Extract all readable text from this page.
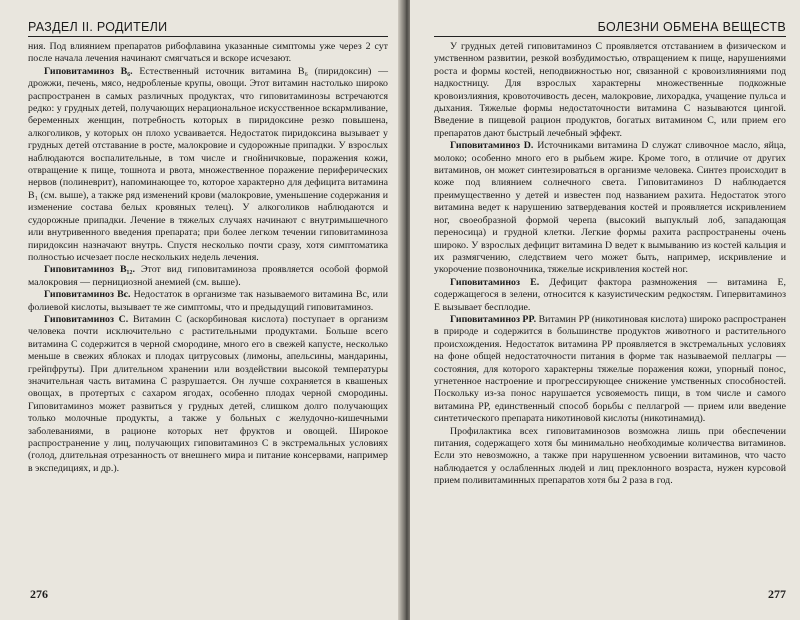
РАЗДЕЛ II. РОДИТЕЛИ

ния. Под влиянием препаратов рибофлавина указанные симптомы уже через 2 сут после начала лечения начинают смягчаться и вскоре исчезают.

Гиповитаминоз B₆. Естественный источник витамина B₆ (пиридоксин) — дрожжи, печень, мясо, недробленые крупы, овощи. Этот витамин настолько широко распространен в самых различных продуктах, что гиповитаминозы встречаются редко: у грудных детей, получающих нерациональное искусственное вскармливание, беременных женщин, потребность которых в пиридоксине резко повышена, алкоголиков, у которых он плохо усваивается. Недостаток пиридоксина вызывает у грудных детей отставание в росте, малокровие и судорожные припадки. У взрослых наблюдаются воспалительные, в том числе и гнойничковые, поражения кожи, отвращение к пище, тошнота и рвота, множественное поражение периферических нервов (полиневрит), напоминающее то, которое характерно для дефицита витамина B₁ (см. выше), а также ряд изменений крови (малокровие, уменьшение содержания и изменение состава белых кровяных телец). У алкоголиков наблюдаются и судорожные припадки. Лечение в тяжелых случаях начинают с внутримышечного или внутривенного введения препарата; при более легком течении гиповитаминоза пиридоксин назначают внутрь. Спустя несколько почти сразу, хотя симптоматика полностью исчезает после нескольких недель лечения.

Гиповитаминоз B₁₂. Этот вид гиповитаминоза проявляется особой формой малокровия — пернициозной анемией (см. выше).

Гиповитаминоз Bс. Недостаток в организме так называемого витамина Bс, или фолиевой кислоты, вызывает те же симптомы, что и предыдущий гиповитаминоз.

Гиповитаминоз С. Витамин С (аскорбиновая кислота) поступает в организм человека почти исключительно с растительными продуктами. Больше всего витамина С содержится в черной смородине, много его в свежей капусте, несколько меньше в свежих яблоках и плодах цитрусовых (лимоны, апельсины, мандарины, грейпфруты). При длительном хранении или воздействии высокой температуры значительная часть витамина С разрушается. Он лучше сохраняется в квашеных овощах, в протертых с сахаром ягодах, особенно плодах черной смородины. Гиповитаминоз может развиться у грудных детей, слишком долго получающих только молочные продукты, а также у больных с желудочно-кишечными заболеваниями, в рационе которых нет фруктов и овощей. Широкое распространение у лиц, получающих гиповитаминоз С в экстремальных условиях (голод, длительная отрезанность от внешнего мира и питание консервами, например в экспедициях, и др.).

276
БОЛЕЗНИ ОБМЕНА ВЕЩЕСТВ

У грудных детей гиповитаминоз С проявляется отставанием в физическом и умственном развитии, резкой возбудимостью, отвращением к пище, нарушениями роста и формы костей, неподвижностью ног, связанной с кровоизлияниями под надкостницу. Для взрослых характерны множественные подкожные кровоизлияния, кровоточивость десен, малокровие, лихорадка, учащение пульса и дыхания. Тяжелые формы недостаточности витамина С называются цингой. Введение в пищевой рацион продуктов, богатых витамином С, или прием его препаратов дают быстрый лечебный эффект.

Гиповитаминоз D. Источниками витамина D служат сливочное масло, яйца, молоко; особенно много его в рыбьем жире. Кроме того, в отличие от других витаминов, он может синтезироваться в организме человека. Синтез происходит в коже под влиянием солнечного света. Гиповитаминоз D наблюдается преимущественно у детей и известен под названием рахита. Недостаток этого витамина ведет к нарушению затвердевания костей и проявляется искривлением ног, своеобразной формой черепа (высокий выпуклый лоб, западающая переносица) и грудной клетки. Легкие формы рахита распространены очень широко. У взрослых дефицит витамина D ведет к вымыванию из костей кальция и их размягчению, следствием чего может быть, например, искривление и укорочение позвоночника, тяжелые искривления костей ног.

Гиповитаминоз Е. Дефицит фактора размножения — витамина Е, содержащегося в зелени, относится к казуистическим редкостям. Гипервитаминоз Е вызывает бесплодие.

Гиповитаминоз PP. Витамин PP (никотиновая кислота) широко распространен в природе и содержится в большинстве продуктов животного и растительного происхождения. Недостаток витамина PP проявляется в экстремальных условиях на фоне общей недостаточности питания в форме так называемой пеллагры — состояния, для которого характерны тяжелые поражения кожи, упорный понос, угнетенное настроение и прогрессирующее снижение умственных способностей. Поскольку из-за понос нарушается усвояемость пищи, в том числе и самого витамина PP, единственный способ борьбы с пеллагрой — прием или введение синтетического препарата никотиновой кислоты (никотинамид).

Профилактика всех гиповитаминозов возможна лишь при обеспечении питания, содержащего хотя бы минимально необходимые количества витаминов. Если это невозможно, а также при нарушенном усвоении витаминов, что часто наблюдается у ослабленных людей и лиц преклонного возраста, нужен курсовой прием поливитаминных препаратов хотя бы 2 раза в год.

277
